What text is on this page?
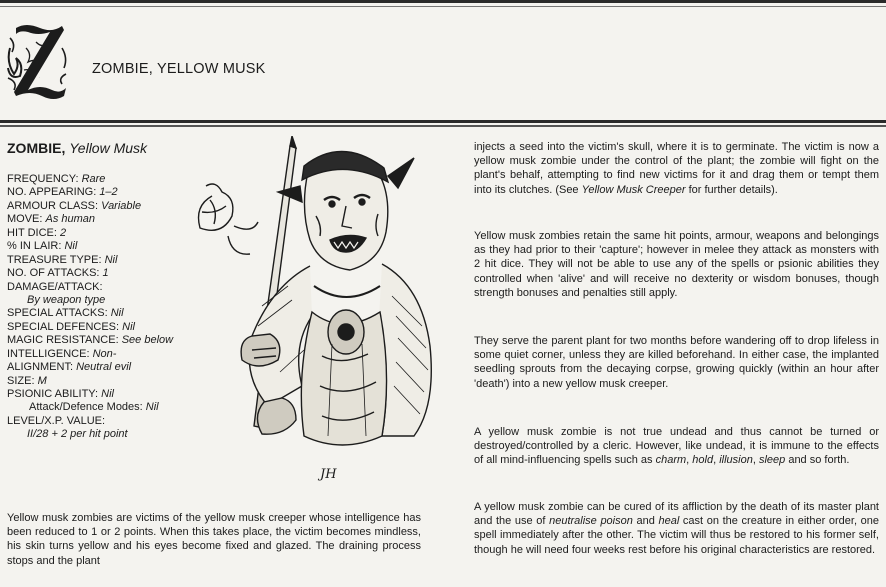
Z
ZOMBIE, YELLOW MUSK
ZOMBIE, Yellow Musk
FREQUENCY: Rare
NO. APPEARING: 1–2
ARMOUR CLASS: Variable
MOVE: As human
HIT DICE: 2
% IN LAIR: Nil
TREASURE TYPE: Nil
NO. OF ATTACKS: 1
DAMAGE/ATTACK:
By weapon type
SPECIAL ATTACKS: Nil
SPECIAL DEFENCES: Nil
MAGIC RESISTANCE: See below
INTELLIGENCE: Non-
ALIGNMENT: Neutral evil
SIZE: M
PSIONIC ABILITY: Nil
Attack/Defence Modes: Nil
LEVEL/X.P. VALUE:
II/28 + 2 per hit point
JH
Yellow musk zombies are victims of the yellow musk creeper whose intelligence has been reduced to 1 or 2 points. When this takes place, the victim becomes mindless, his skin turns yellow and his eyes become fixed and glazed. The draining process stops and the plant
injects a seed into the victim's skull, where it is to germinate. The victim is now a yellow musk zombie under the control of the plant; the zombie will fight on the plant's behalf, attempting to find new victims for it and drag them or tempt them into its clutches. (See Yellow Musk Creeper for further details).
Yellow musk zombies retain the same hit points, armour, weapons and belongings as they had prior to their 'capture'; however in melee they attack as monsters with 2 hit dice. They will not be able to use any of the spells or psionic abilities they controlled when 'alive' and will receive no dexterity or wisdom bonuses, though strength bonuses and penalties still apply.
They serve the parent plant for two months before wandering off to drop lifeless in some quiet corner, unless they are killed beforehand. In either case, the implanted seedling sprouts from the decaying corpse, growing quickly (within an hour after 'death') into a new yellow musk creeper.
A yellow musk zombie is not true undead and thus cannot be turned or destroyed/controlled by a cleric. However, like undead, it is immune to the effects of all mind-influencing spells such as charm, hold, illusion, sleep and so forth.
A yellow musk zombie can be cured of its affliction by the death of its master plant and the use of neutralise poison and heal cast on the creature in either order, one spell immediately after the other. The victim will thus be restored to his former self, though he will need four weeks rest before his original characteristics are restored.
